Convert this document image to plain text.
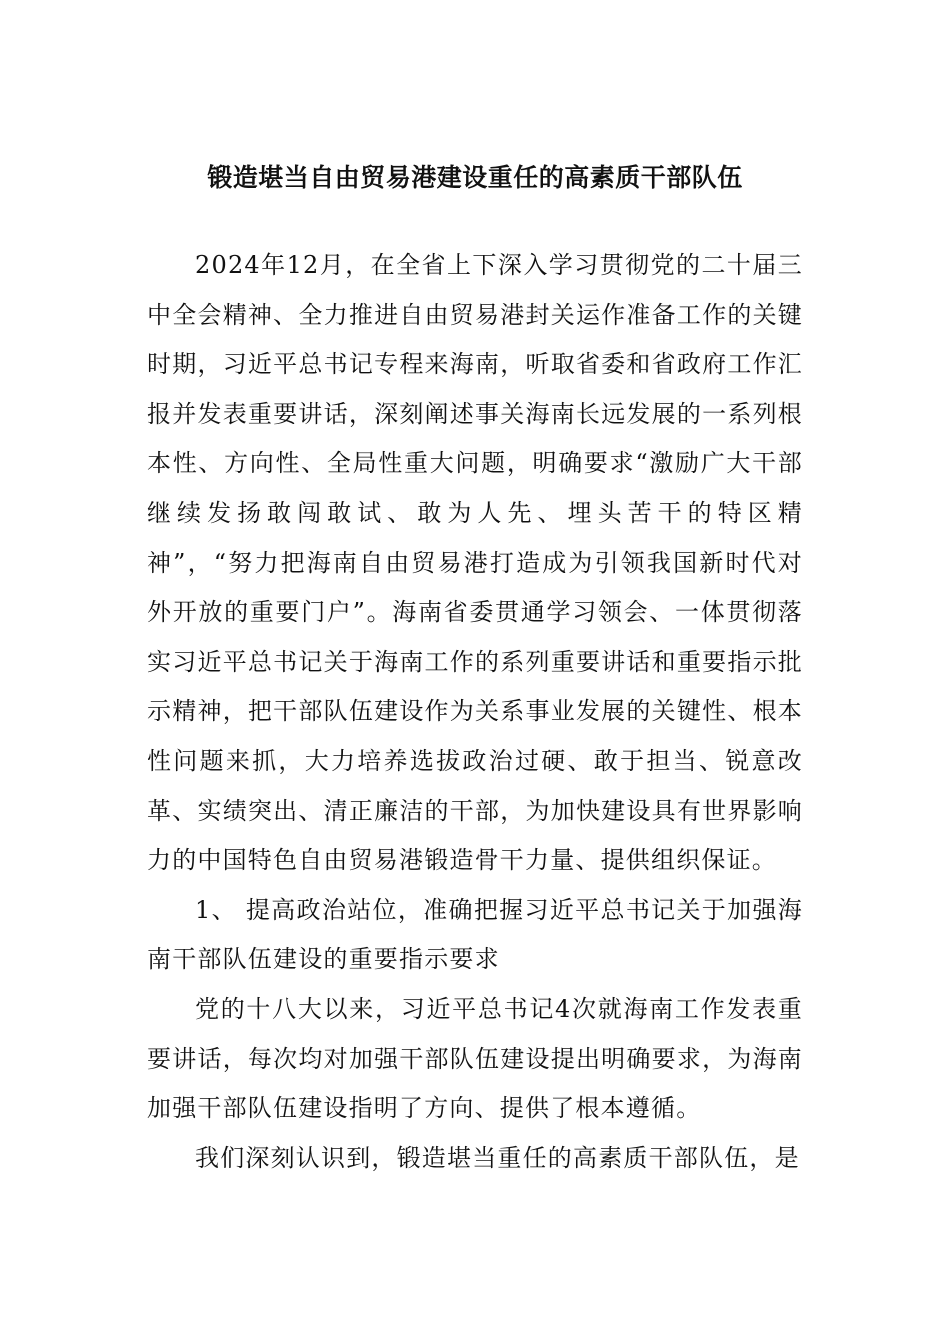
锻造堪当自由贸易港建设重任的高素质干部队伍

2024年12月，在全省上下深入学习贯彻党的二十届三中全会精神、全力推进自由贸易港封关运作准备工作的关键时期，习近平总书记专程来海南，听取省委和省政府工作汇报并发表重要讲话，深刻阐述事关海南长远发展的一系列根本性、方向性、全局性重大问题，明确要求“激励广大干部继续发扬敢闯敢试、敢为人先、埋头苦干的特区精神”，“努力把海南自由贸易港打造成为引领我国新时代对外开放的重要门户”。海南省委贯通学习领会、一体贯彻落实习近平总书记关于海南工作的系列重要讲话和重要指示批示精神，把干部队伍建设作为关系事业发展的关键性、根本性问题来抓，大力培养选拔政治过硬、敢于担当、锐意改革、实绩突出、清正廉洁的干部，为加快建设具有世界影响力的中国特色自由贸易港锻造骨干力量、提供组织保证。

1、 提高政治站位，准确把握习近平总书记关于加强海南干部队伍建设的重要指示要求

党的十八大以来，习近平总书记4次就海南工作发表重要讲话，每次均对加强干部队伍建设提出明确要求，为海南加强干部队伍建设指明了方向、提供了根本遵循。

我们深刻认识到，锻造堪当重任的高素质干部队伍，是
